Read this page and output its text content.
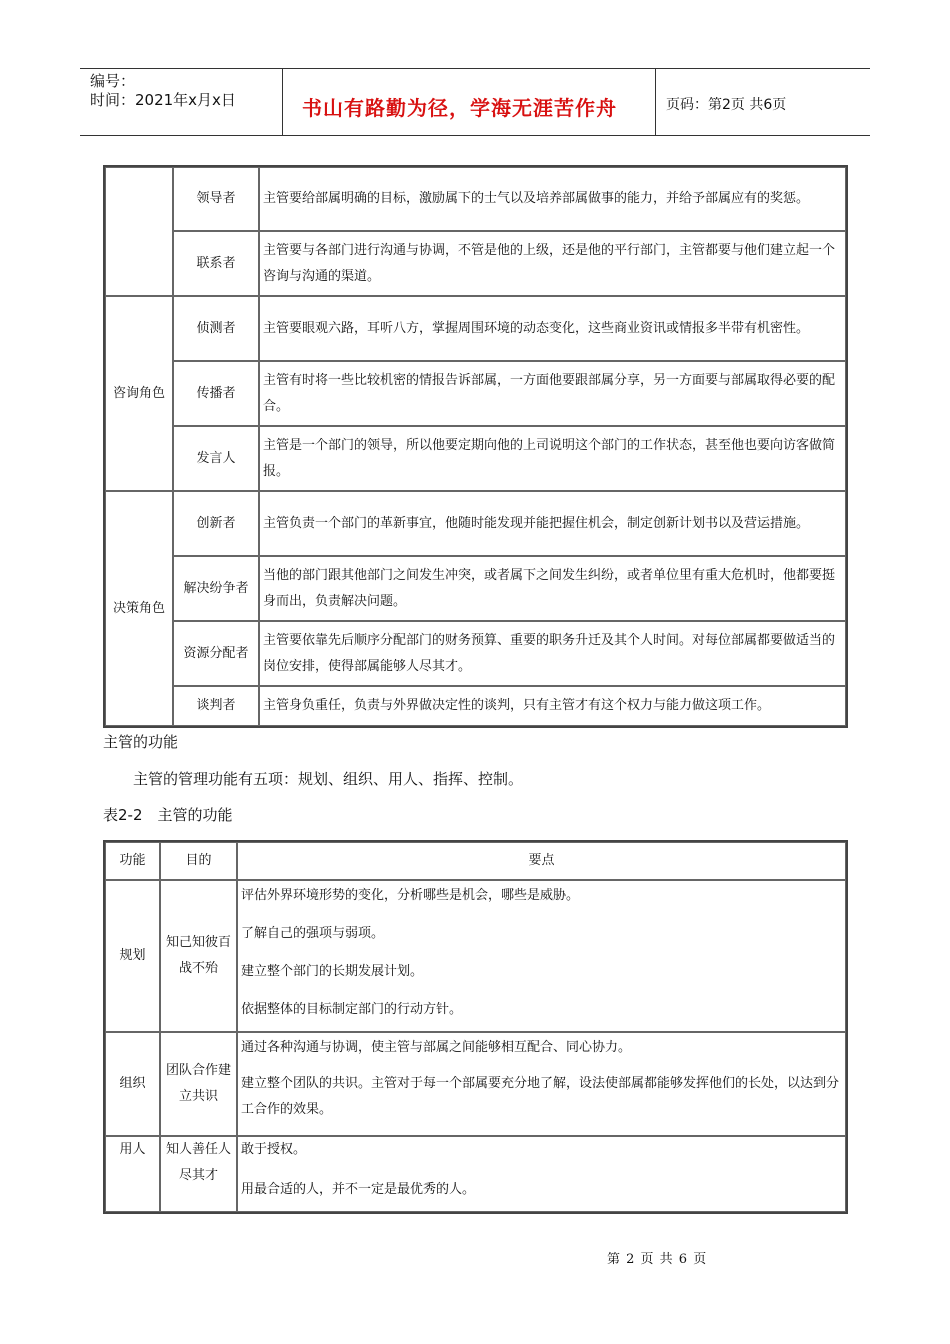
编号：
时间：2021年x月x日	书山有路勤为径，学海无涯苦作舟	页码：第2页 共6页
	领导者	主管要给部属明确的目标，激励属下的士气以及培养部属做事的能力，并给予部属应有的奖惩。
	联系者	主管要与各部门进行沟通与协调，不管是他的上级，还是他的平行部门，主管都要与他们建立起一个咨询与沟通的渠道。
咨询角色	侦测者	主管要眼观六路，耳听八方，掌握周围环境的动态变化，这些商业资讯或情报多半带有机密性。
	传播者	主管有时将一些比较机密的情报告诉部属，一方面他要跟部属分享，另一方面要与部属取得必要的配合。
	发言人	主管是一个部门的领导，所以他要定期向他的上司说明这个部门的工作状态，甚至他也要向访客做简报。
决策角色	创新者	主管负责一个部门的革新事宜，他随时能发现并能把握住机会，制定创新计划书以及营运措施。
	解决纷争者	当他的部门跟其他部门之间发生冲突，或者属下之间发生纠纷，或者单位里有重大危机时，他都要挺身而出，负责解决问题。
	资源分配者	主管要依靠先后顺序分配部门的财务预算、重要的职务升迁及其个人时间。对每位部属都要做适当的岗位安排，使得部属能够人尽其才。
	谈判者	主管身负重任，负责与外界做决定性的谈判，只有主管才有这个权力与能力做这项工作。
主管的功能
主管的管理功能有五项：规划、组织、用人、指挥、控制。
表2-2　主管的功能
功能	目的	要点
规划	知己知彼百战不殆	评估外界环境形势的变化，分析哪些是机会，哪些是威胁。
了解自己的强项与弱项。
建立整个部门的长期发展计划。
依据整体的目标制定部门的行动方针。

组织	团队合作建立共识	通过各种沟通与协调，使主管与部属之间能够相互配合、同心协力。
建立整个团队的共识。主管对于每一个部属要充分地了解，设法使部属都能够发挥他们的长处，以达到分工合作的效果。

用人	知人善任人尽其才	敢于授权。
用最合适的人，并不一定是最优秀的人。
第 2 页 共 6 页
